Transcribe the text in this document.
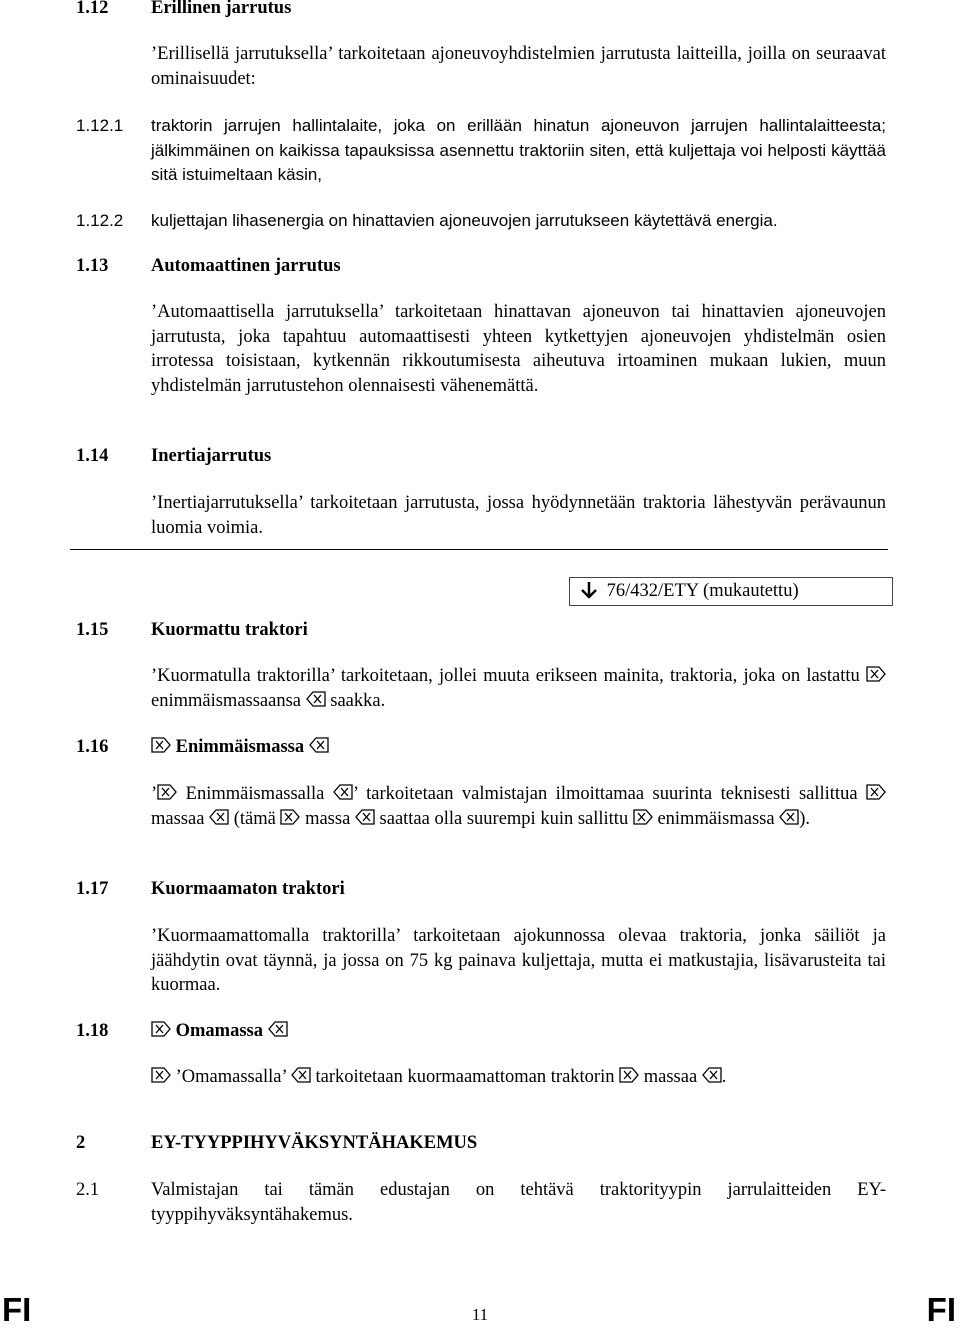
1.12 Erillinen jarrutus
’Erillisellä jarrutuksella’ tarkoitetaan ajoneuvoyhdistelmien jarrutusta laitteilla, joilla on seuraavat ominaisuudet:
1.12.1 traktorin jarrujen hallintalaite, joka on erillään hinatun ajoneuvon jarrujen hallintalaitteesta; jälkimmäinen on kaikissa tapauksissa asennettu traktoriin siten, että kuljettaja voi helposti käyttää sitä istuimeltaan käsin,
1.12.2 kuljettajan lihasenergia on hinattavien ajoneuvojen jarrutukseen käytettävä energia.
1.13 Automaattinen jarrutus
’Automaattisella jarrutuksella’ tarkoitetaan hinattavan ajoneuvon tai hinattavien ajoneuvojen jarrutusta, joka tapahtuu automaattisesti yhteen kytkettyjen ajoneuvojen yhdistelmän osien irrotessa toisistaan, kytkennän rikkoutumisesta aiheutuva irtoaminen mukaan lukien, muun yhdistelmän jarrutustehon olennaisesti vähenemättä.
1.14 Inertiajarrutus
’Inertiajarrutuksella’ tarkoitetaan jarrutusta, jossa hyödynnetään traktoria lähestyvän perävaunun luomia voimia.
76/432/ETY (mukautettu)
1.15 Kuormattu traktori
’Kuormatulla traktorilla’ tarkoitetaan, jollei muuta erikseen mainita, traktoria, joka on lastattu
enimmäismassaansa saakka.
1.16	Enimmäismassa
’ Enimmäismassalla ’ tarkoitetaan valmistajan ilmoittamaa suurinta teknisesti sallittua
massaa (tämä massa saattaa olla suurempi kuin sallittu enimmäismassa ).
1.17 Kuormaamaton traktori
’Kuormaamattomalla traktorilla’ tarkoitetaan ajokunnossa olevaa traktoria, jonka säiliöt ja jäähdytin ovat täynnä, ja jossa on 75 kg painava kuljettaja, mutta ei matkustajia, lisävarusteita tai kuormaa.
1.18	Omamassa
’Omamassalla’ tarkoitetaan kuormaamattoman traktorin massaa .
2	EY-TYYPPIHYVÄKSYNTÄHAKEMUS
2.1	Valmistajan tai tämän edustajan on tehtävä traktorityypin jarrulaitteiden EY-tyyppihyväksyntähakemus.
FI	11	FI
